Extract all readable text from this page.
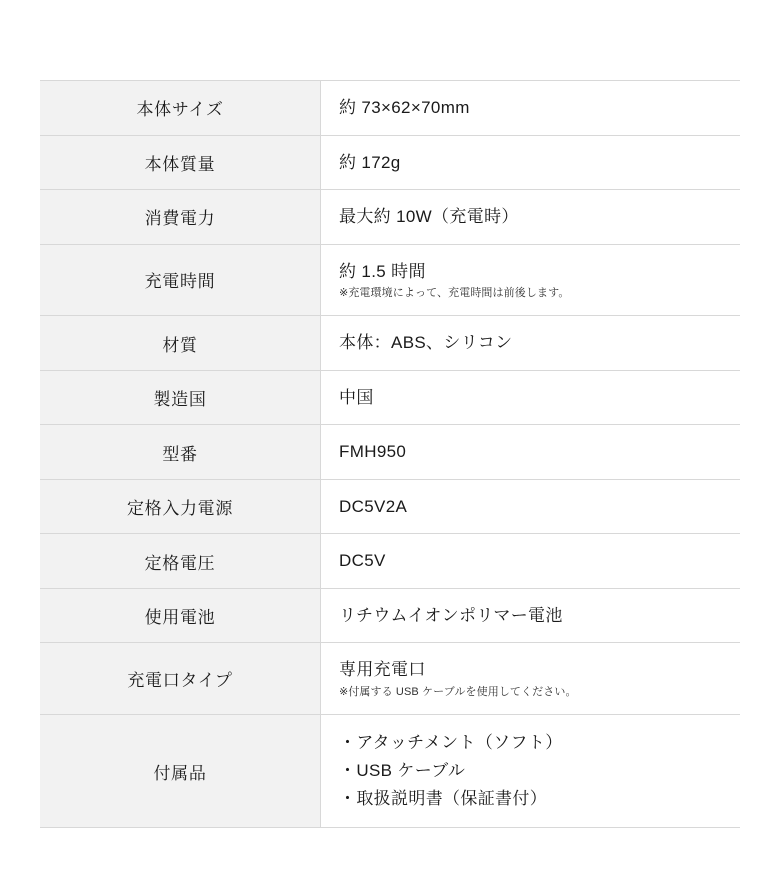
本体サイズ	約 73×62×70mm

本体質量	約 172g

消費電力	最大約 10W（充電時）

充電時間	約 1.5 時間
※充電環境によって、充電時間は前後します。

材質	本体：ABS、シリコン

製造国	中国

型番	FMH950

定格入力電源	DC5V2A

定格電圧	DC5V

使用電池	リチウムイオンポリマー電池

充電口タイプ	専用充電口
※付属する USB ケーブルを使用してください。

付属品	・アタッチメント（ソフト）
・USB ケーブル
・取扱説明書（保証書付）
